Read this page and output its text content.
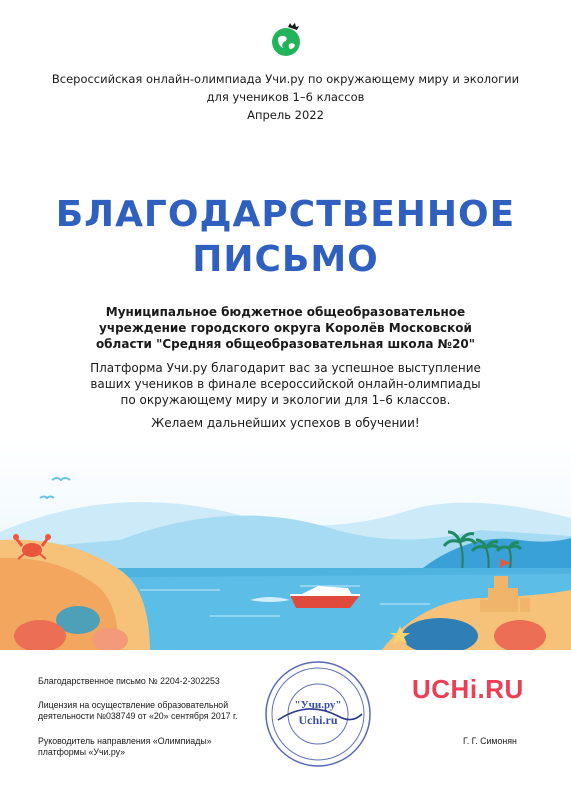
Всероссийская онлайн-олимпиада Учи.ру по окружающему миру и экологии
для учеников 1–6 классов
Апрель 2022
БЛАГОДАРСТВЕННОЕ
ПИСЬМО
Муниципальное бюджетное общеобразовательное
учреждение городского округа Королёв Московской
области "Средняя общеобразовательная школа №20"
Платформа Учи.ру благодарит вас за успешное выступление
ваших учеников в финале всероссийской онлайн-олимпиады
по окружающему миру и экологии для 1–6 классов.
Желаем дальнейших успехов в обучении!
Благодарственное письмо № 2204-2-302253
Лицензия на осуществление образовательной
деятельности №038749 от «20» сентября 2017 г.
Руководитель направления «Олимпиады»
платформы «Учи.ру»
"Учи.ру"
Uchi.ru
UCHi.RU
Г. Г. Симонян
